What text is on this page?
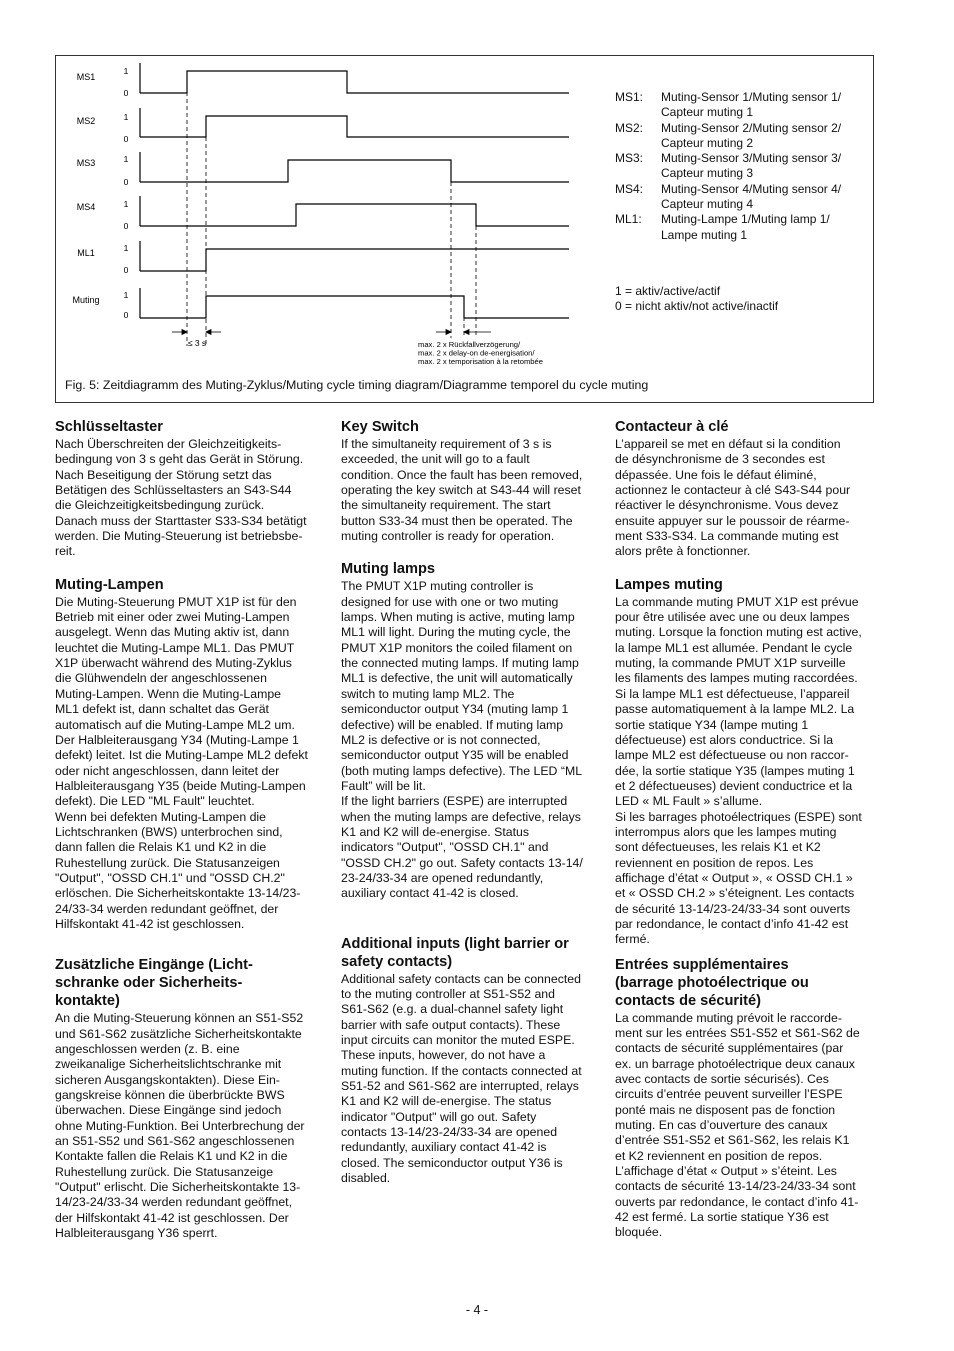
MS1
1
0
MS2	1
0
MS3	1
0
MS4	1
0
ML1	1
0
Muting	1
0
≤ 3 s	max. 2 x Rückfallverzögerung/
max. 2 x delay-on de-energisation/
max. 2 x temporisation à la retombée
MS1:	Muting-Sensor 1/Muting sensor 1/
Capteur muting 1
MS2:	Muting-Sensor 2/Muting sensor 2/
Capteur muting 2
MS3:	Muting-Sensor 3/Muting sensor 3/
Capteur muting 3
MS4:	Muting-Sensor 4/Muting sensor 4/
Capteur muting 4
ML1:	Muting-Lampe 1/Muting lamp 1/
Lampe muting 1
1 = aktiv/active/actif
0 = nicht aktiv/not active/inactif
Fig. 5: Zeitdiagramm des Muting-Zyklus/Muting cycle timing diagram/Diagramme temporel du cycle muting
Schlüsseltaster

Nach Überschreiten der Gleichzeitigkeits-
bedingung von 3 s geht das Gerät in Störung.
Nach Beseitigung der Störung setzt das
Betätigen des Schlüsseltasters an S43-S44
die Gleichzeitigkeitsbedingung zurück.
Danach muss der Starttaster S33-S34 betätigt
werden. Die Muting-Steuerung ist betriebsbe-
reit.

Muting-Lampen

Die Muting-Steuerung PMUT X1P ist für den
Betrieb mit einer oder zwei Muting-Lampen
ausgelegt. Wenn das Muting aktiv ist, dann
leuchtet die Muting-Lampe ML1. Das PMUT
X1P überwacht während des Muting-Zyklus
die Glühwendeln der angeschlossenen
Muting-Lampen. Wenn die Muting-Lampe
ML1 defekt ist, dann schaltet das Gerät
automatisch auf die Muting-Lampe ML2 um.
Der Halbleiterausgang Y34 (Muting-Lampe 1
defekt) leitet. Ist die Muting-Lampe ML2 defekt
oder nicht angeschlossen, dann leitet der
Halbleiterausgang Y35 (beide Muting-Lampen
defekt). Die LED "ML Fault" leuchtet.

Wenn bei defekten Muting-Lampen die
Lichtschranken (BWS) unterbrochen sind,
dann fallen die Relais K1 und K2 in die
Ruhestellung zurück. Die Statusanzeigen
"Output", "OSSD CH.1" und "OSSD CH.2"
erlöschen. Die Sicherheitskontakte 13-14/23-
24/33-34 werden redundant geöffnet, der
Hilfskontakt 41-42 ist geschlossen.

Zusätzliche Eingänge (Licht-
schranke oder Sicherheits-
kontakte)

An die Muting-Steuerung können an S51-S52
und S61-S62 zusätzliche Sicherheitskontakte
angeschlossen werden (z. B. eine
zweikanalige Sicherheitslichtschranke mit
sicheren Ausgangskontakten). Diese Ein-
gangskreise können die überbrückte BWS
überwachen. Diese Eingänge sind jedoch
ohne Muting-Funktion. Bei Unterbrechung der
an S51-S52 und S61-S62 angeschlossenen
Kontakte fallen die Relais K1 und K2 in die
Ruhestellung zurück. Die Statusanzeige
"Output" erlischt. Die Sicherheitskontakte 13-
14/23-24/33-34 werden redundant geöffnet,
der Hilfskontakt 41-42 ist geschlossen. Der
Halbleiterausgang Y36 sperrt.

Key Switch

If the simultaneity requirement of 3 s is
exceeded, the unit will go to a fault
condition. Once the fault has been removed,
operating the key switch at S43-44 will reset
the simultaneity requirement. The start
button S33-34 must then be operated. The
muting controller is ready for operation.

Muting lamps

The PMUT X1P muting controller is
designed for use with one or two muting
lamps. When muting is active, muting lamp
ML1 will light. During the muting cycle, the
PMUT X1P monitors the coiled filament on
the connected muting lamps. If muting lamp
ML1 is defective, the unit will automatically
switch to muting lamp ML2. The
semiconductor output Y34 (muting lamp 1
defective) will be enabled. If muting lamp
ML2 is defective or is not connected,
semiconductor output Y35 will be enabled
(both muting lamps defective). The LED “ML
Fault” will be lit.

If the light barriers (ESPE) are interrupted
when the muting lamps are defective, relays
K1 and K2 will de-energise. Status
indicators "Output", "OSSD CH.1" and
"OSSD CH.2" go out. Safety contacts 13-14/
23-24/33-34 are opened redundantly,
auxiliary contact 41-42 is closed.

Additional inputs (light barrier or
safety contacts)

Additional safety contacts can be connected
to the muting controller at S51-S52 and
S61-S62 (e.g. a dual-channel safety light
barrier with safe output contacts). These
input circuits can monitor the muted ESPE.
These inputs, however, do not have a
muting function. If the contacts connected at
S51-52 and S61-S62 are interrupted, relays
K1 and K2 will de-energise. The status
indicator "Output" will go out. Safety
contacts 13-14/23-24/33-34 are opened
redundantly, auxiliary contact 41-42 is
closed. The semiconductor output Y36 is
disabled.

Contacteur à clé

L’appareil se met en défaut si la condition
de désynchronisme de 3 secondes est
dépassée. Une fois le défaut éliminé,
actionnez le contacteur à clé S43-S44 pour
réactiver le désynchronisme. Vous devez
ensuite appuyer sur le poussoir de réarme-
ment S33-S34. La commande muting est
alors prête à fonctionner.

Lampes muting

La commande muting PMUT X1P est prévue
pour être utilisée avec une ou deux lampes
muting. Lorsque la fonction muting est active,
la lampe ML1 est allumée. Pendant le cycle
muting, la commande PMUT X1P surveille
les filaments des lampes muting raccordées.
Si la lampe ML1 est défectueuse, l’appareil
passe automatiquement à la lampe ML2. La
sortie statique Y34 (lampe muting 1
défectueuse) est alors conductrice. Si la
lampe ML2 est défectueuse ou non raccor-
dée, la sortie statique Y35 (lampes muting 1
et 2 défectueuses) devient conductrice et la
LED « ML Fault » s’allume.

Si les barrages photoélectriques (ESPE) sont
interrompus alors que les lampes muting
sont défectueuses, les relais K1 et K2
reviennent en position de repos. Les
affichage d’état « Output », « OSSD CH.1 »
et « OSSD CH.2 » s’éteignent. Les contacts
de sécurité 13-14/23-24/33-34 sont ouverts
par redondance, le contact d’info 41-42 est
fermé.

Entrées supplémentaires
(barrage photoélectrique ou
contacts de sécurité)

La commande muting prévoit le raccorde-
ment sur les entrées S51-S52 et S61-S62 de
contacts de sécurité supplémentaires (par
ex. un barrage photoélectrique deux canaux
avec contacts de sortie sécurisés). Ces
circuits d’entrée peuvent surveiller l’ESPE
ponté mais ne disposent pas de fonction
muting. En cas d’ouverture des canaux
d’entrée S51-S52 et S61-S62, les relais K1
et K2 reviennent en position de repos.
L’affichage d’état « Output » s’éteint. Les
contacts de sécurité 13-14/23-24/33-34 sont
ouverts par redondance, le contact d’info 41-
42 est fermé. La sortie statique Y36 est
bloquée.

- 4 -
